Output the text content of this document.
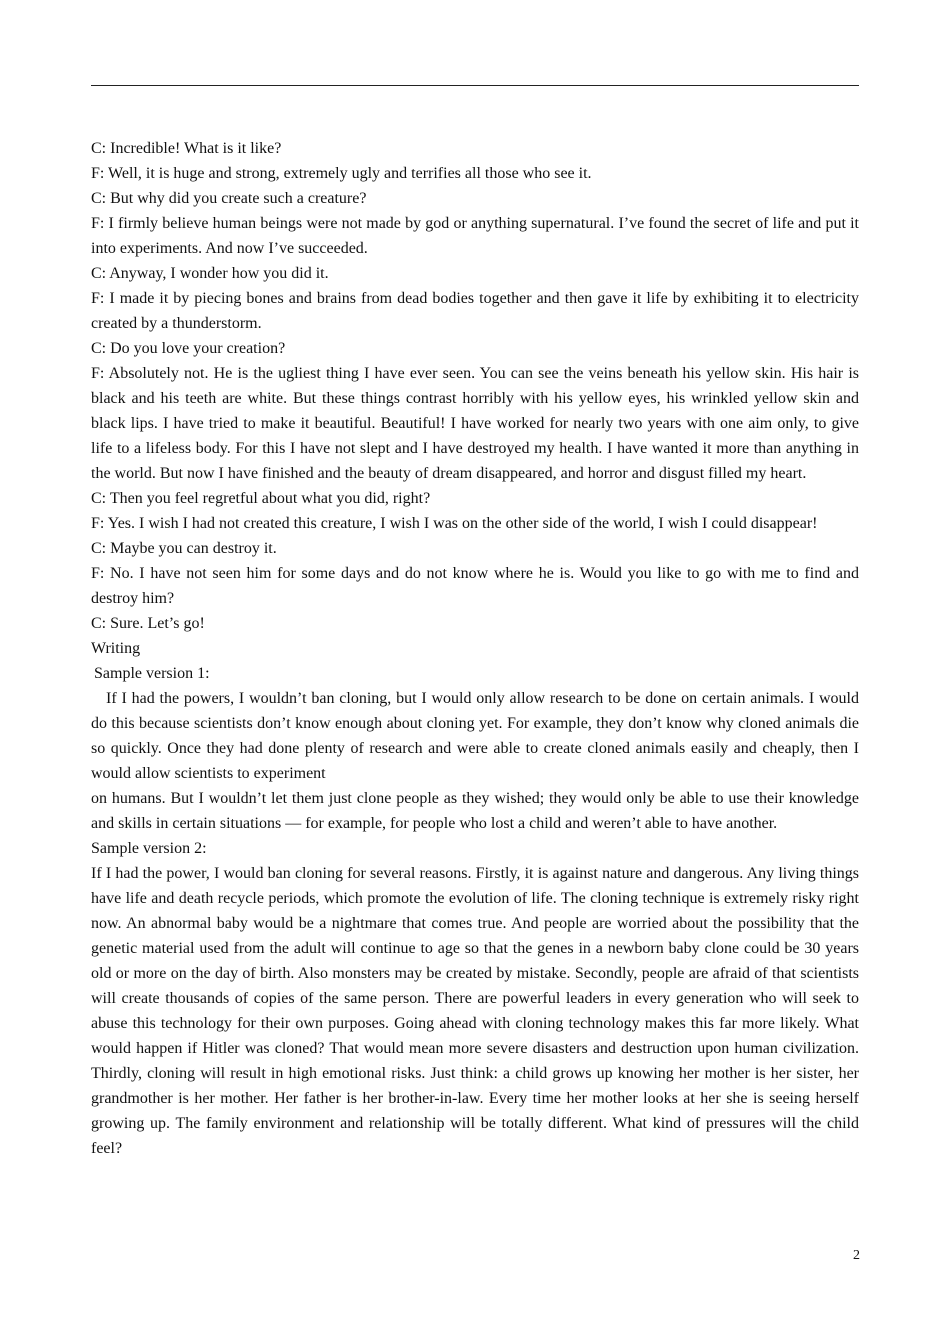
C: Incredible! What is it like?

F: Well, it is huge and strong, extremely ugly and terrifies all those who see it.

C: But why did you create such a creature?

F: I firmly believe human beings were not made by god or anything supernatural. I’ve found the secret of life and put it into experiments. And now I’ve succeeded.

C: Anyway, I wonder how you did it.

F: I made it by piecing bones and brains from dead bodies together and then gave it life by exhibiting it to electricity created by a thunderstorm.

C: Do you love your creation?

F: Absolutely not. He is the ugliest thing I have ever seen. You can see the veins beneath his yellow skin. His hair is black and his teeth are white. But these things contrast horribly with his yellow eyes, his wrinkled yellow skin and black lips. I have tried to make it beautiful. Beautiful! I have worked for nearly two years with one aim only, to give life to a lifeless body. For this I have not slept and I have destroyed my health. I have wanted it more than anything in the world. But now I have finished and the beauty of dream disappeared, and horror and disgust filled my heart.

C: Then you feel regretful about what you did, right?

F: Yes. I wish I had not created this creature, I wish I was on the other side of the world, I wish I could disappear!

C: Maybe you can destroy it.

F: No. I have not seen him for some days and do not know where he is. Would you like to go with me to find and destroy him?

C: Sure. Let’s go!

Writing

Sample version 1:

If I had the powers, I wouldn’t ban cloning, but I would only allow research to be done on certain animals. I would do this because scientists don’t know enough about cloning yet. For example, they don’t know why cloned animals die so quickly. Once they had done plenty of research and were able to create cloned animals easily and cheaply, then I would allow scientists to experiment

on humans. But I wouldn’t let them just clone people as they wished; they would only be able to use their knowledge and skills in certain situations — for example, for people who lost a child and weren’t able to have another.

Sample version 2:

If I had the power, I would ban cloning for several reasons. Firstly, it is against nature and dangerous. Any living things have life and death recycle periods, which promote the evolution of life. The cloning technique is extremely risky right now. An abnormal baby would be a nightmare that comes true. And people are worried about the possibility that the genetic material used from the adult will continue to age so that the genes in a newborn baby clone could be 30 years old or more on the day of birth. Also monsters may be created by mistake. Secondly, people are afraid of that scientists will create thousands of copies of the same person. There are powerful leaders in every generation who will seek to abuse this technology for their own purposes. Going ahead with cloning technology makes this far more likely. What would happen if Hitler was cloned? That would mean more severe disasters and destruction upon human civilization. Thirdly, cloning will result in high emotional risks. Just think: a child grows up knowing her mother is her sister, her grandmother is her mother. Her father is her brother-in-law. Every time her mother looks at her she is seeing herself growing up. The family environment and relationship will be totally different. What kind of pressures will the child feel?

2
